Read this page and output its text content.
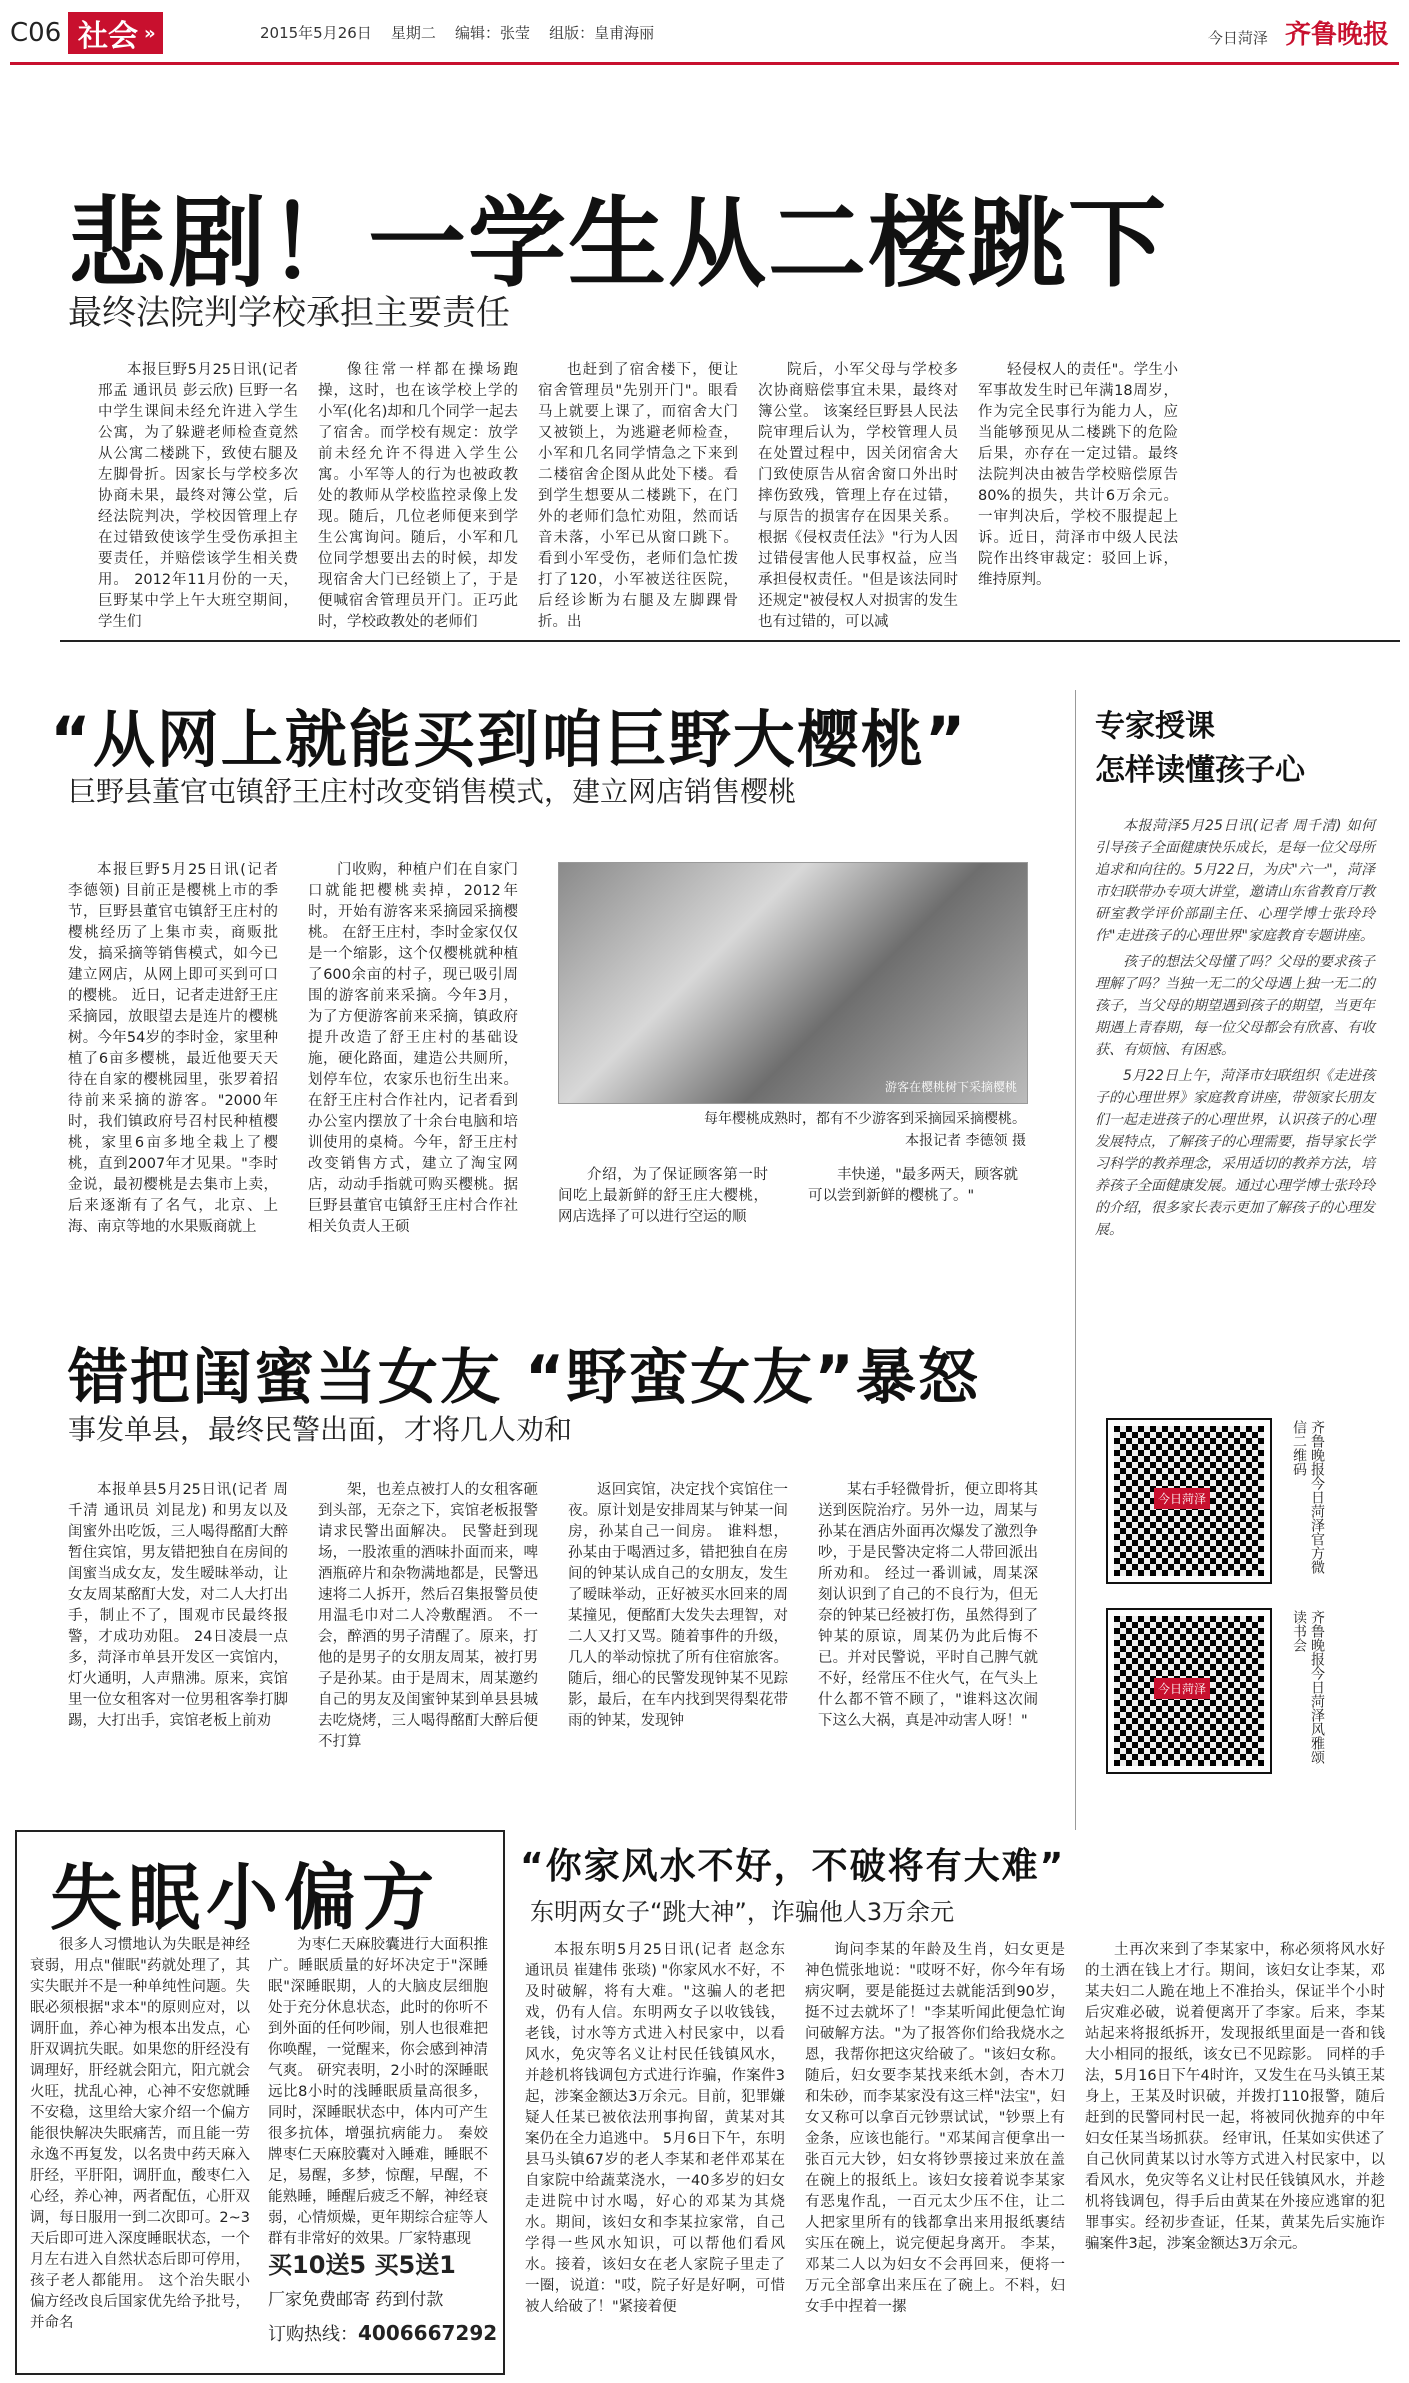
C06 社会 »	2015年5月26日 星期二 编辑：张莹 组版：皇甫海丽	今日菏泽 齐鲁晚报
悲剧！一学生从二楼跳下
最终法院判学校承担主要责任

本报巨野5月25日讯(记者 邢孟 通讯员 彭云欣) 巨野一名中学生课间未经允许进入学生公寓，为了躲避老师检查竟然从公寓二楼跳下，致使右腿及左脚骨折。因家长与学校多次协商未果，最终对簿公堂，后经法院判决，学校因管理上存在过错致使该学生受伤承担主要责任，并赔偿该学生相关费用。 2012年11月份的一天，巨野某中学上午大班空期间，学生们

像往常一样都在操场跑操，这时，也在该学校上学的小军(化名)却和几个同学一起去了宿舍。而学校有规定：放学前未经允许不得进入学生公寓。小军等人的行为也被政教处的教师从学校监控录像上发现。随后，几位老师便来到学生公寓询问。随后，小军和几位同学想要出去的时候，却发现宿舍大门已经锁上了，于是便喊宿舍管理员开门。正巧此时，学校政教处的老师们

也赶到了宿舍楼下，便让宿舍管理员"先别开门"。眼看马上就要上课了，而宿舍大门又被锁上，为逃避老师检查，小军和几名同学情急之下来到二楼宿舍企图从此处下楼。看到学生想要从二楼跳下，在门外的老师们急忙劝阻，然而话音未落，小军已从窗口跳下。 看到小军受伤，老师们急忙拨打了120，小军被送往医院，后经诊断为右腿及左脚踝骨折。出

院后，小军父母与学校多次协商赔偿事宜未果，最终对簿公堂。 该案经巨野县人民法院审理后认为，学校管理人员在处置过程中，因关闭宿舍大门致使原告从宿舍窗口外出时摔伤致残，管理上存在过错，与原告的损害存在因果关系。根据《侵权责任法》"行为人因过错侵害他人民事权益，应当承担侵权责任。"但是该法同时还规定"被侵权人对损害的发生也有过错的，可以减

轻侵权人的责任"。学生小军事故发生时已年满18周岁，作为完全民事行为能力人，应当能够预见从二楼跳下的危险后果，亦存在一定过错。最终法院判决由被告学校赔偿原告80%的损失，共计6万余元。 一审判决后，学校不服提起上诉。近日，菏泽市中级人民法院作出终审裁定：驳回上诉，维持原判。

“从网上就能买到咱巨野大樱桃”
巨野县董官屯镇舒王庄村改变销售模式，建立网店销售樱桃

本报巨野5月25日讯(记者 李德领) 目前正是樱桃上市的季节，巨野县董官屯镇舒王庄村的樱桃经历了上集市卖，商贩批发，搞采摘等销售模式，如今已建立网店，从网上即可买到可口的樱桃。 近日，记者走进舒王庄采摘园，放眼望去是连片的樱桃树。今年54岁的李时金，家里种植了6亩多樱桃，最近他要天天待在自家的樱桃园里，张罗着招待前来采摘的游客。"2000年时，我们镇政府号召村民种植樱桃，家里6亩多地全栽上了樱桃，直到2007年才见果。"李时金说，最初樱桃是去集市上卖，后来逐渐有了名气，北京、上海、南京等地的水果贩商就上

门收购，种植户们在自家门口就能把樱桃卖掉，2012年时，开始有游客来采摘园采摘樱桃。 在舒王庄村，李时金家仅仅是一个缩影，这个仅樱桃就种植了600余亩的村子，现已吸引周围的游客前来采摘。今年3月，为了方便游客前来采摘，镇政府提升改造了舒王庄村的基础设施，硬化路面，建造公共厕所，划停车位，农家乐也衍生出来。 在舒王庄村合作社内，记者看到办公室内摆放了十余台电脑和培训使用的桌椅。今年，舒王庄村改变销售方式，建立了淘宝网店，动动手指就可购买樱桃。据巨野县董官屯镇舒王庄村合作社相关负责人王硕

游客在樱桃树下采摘樱桃
每年樱桃成熟时，都有不少游客到采摘园采摘樱桃。
本报记者 李德领 摄

介绍，为了保证顾客第一时间吃上最新鲜的舒王庄大樱桃，网店选择了可以进行空运的顺

丰快递，"最多两天，顾客就可以尝到新鲜的樱桃了。"

专家授课
怎样读懂孩子心

本报菏泽5月25日讯(记者 周千清) 如何引导孩子全面健康快乐成长，是每一位父母所追求和向往的。5月22日，为庆"六一"，菏泽市妇联带办专项大讲堂，邀请山东省教育厅教研室教学评价部副主任、心理学博士张玲玲作"走进孩子的心理世界"家庭教育专题讲座。

孩子的想法父母懂了吗？父母的要求孩子理解了吗？当独一无二的父母遇上独一无二的孩子，当父母的期望遇到孩子的期望，当更年期遇上青春期，每一位父母都会有欣喜、有收获、有烦恼、有困惑。

5月22日上午，菏泽市妇联组织《走进孩子的心理世界》家庭教育讲座，带领家长朋友们一起走进孩子的心理世界，认识孩子的心理发展特点，了解孩子的心理需要，指导家长学习科学的教养理念，采用适切的教养方法，培养孩子全面健康发展。通过心理学博士张玲玲的介绍，很多家长表示更加了解孩子的心理发展。

今日菏泽	齐鲁晚报今日菏泽官方微信二维码
今日菏泽	齐鲁晚报今日菏泽风雅颂读书会
错把闺蜜当女友 “野蛮女友”暴怒
事发单县，最终民警出面，才将几人劝和

本报单县5月25日讯(记者 周千清 通讯员 刘昆龙) 和男友以及闺蜜外出吃饭，三人喝得酩酊大醉暂住宾馆，男友错把独自在房间的闺蜜当成女友，发生暧昧举动，让女友周某酩酊大发，对二人大打出手，制止不了，围观市民最终报警，才成功劝阻。 24日凌晨一点多，菏泽市单县开发区一宾馆内，灯火通明，人声鼎沸。原来，宾馆里一位女租客对一位男租客拳打脚踢，大打出手，宾馆老板上前劝

架，也差点被打人的女租客砸到头部，无奈之下，宾馆老板报警请求民警出面解决。 民警赶到现场，一股浓重的酒味扑面而来，啤酒瓶碎片和杂物满地都是，民警迅速将二人拆开，然后召集报警员使用温毛巾对二人冷敷醒酒。 不一会，醉酒的男子清醒了。原来，打他的是男子的女朋友周某，被打男子是孙某。由于是周末，周某邀约自己的男友及闺蜜钟某到单县县城去吃烧烤，三人喝得酩酊大醉后便不打算

返回宾馆，决定找个宾馆住一夜。原计划是安排周某与钟某一间房，孙某自己一间房。 谁料想，孙某由于喝酒过多，错把独自在房间的钟某认成自己的女朋友，发生了暧昧举动，正好被买水回来的周某撞见，便酩酊大发失去理智，对二人又打又骂。随着事件的升级，几人的举动惊扰了所有住宿旅客。 随后，细心的民警发现钟某不见踪影，最后，在车内找到哭得梨花带雨的钟某，发现钟

某右手轻微骨折，便立即将其送到医院治疗。另外一边，周某与孙某在酒店外面再次爆发了激烈争吵，于是民警决定将二人带回派出所劝和。 经过一番训诫，周某深刻认识到了自己的不良行为，但无奈的钟某已经被打伤，虽然得到了钟某的原谅，周某仍为此后悔不已。并对民警说，平时自己脾气就不好，经常压不住火气，在气头上什么都不管不顾了，"谁料这次闹下这么大祸，真是冲动害人呀！"

失眠小偏方

很多人习惯地认为失眠是神经衰弱，用点"催眠"药就处理了，其实失眠并不是一种单纯性问题。失眠必须根据"求本"的原则应对，以调肝血，养心神为根本出发点，心肝双调抗失眠。如果您的肝经没有调理好，肝经就会阳亢，阳亢就会火旺，扰乱心神，心神不安您就睡不安稳，这里给大家介绍一个偏方能很快解决失眠痛苦，而且能一劳永逸不再复发，以名贵中药天麻入肝经，平肝阳，调肝血，酸枣仁入心经，养心神，两者配伍，心肝双调，每日服用一到二次即可。2~3天后即可进入深度睡眠状态，一个月左右进入自然状态后即可停用，孩子老人都能用。 这个治失眠小偏方经改良后国家优先给予批号，并命名

为枣仁天麻胶囊进行大面积推广。睡眠质量的好坏决定于"深睡眠"深睡眠期，人的大脑皮层细胞处于充分休息状态，此时的你听不到外面的任何吵闹，别人也很难把你唤醒，一觉醒来，你会感到神清气爽。 研究表明，2小时的深睡眠远比8小时的浅睡眠质量高很多，同时，深睡眠状态中，体内可产生很多抗体，增强抗病能力。 秦姣牌枣仁天麻胶囊对入睡难，睡眠不足，易醒，多梦，惊醒，早醒，不能熟睡，睡醒后疲乏不解，神经衰弱，心情烦燥，更年期综合症等人群有非常好的效果。厂家特惠现

买10送5 买5送1
厂家免费邮寄 药到付款
订购热线：4006667292
“你家风水不好，不破将有大难”
东明两女子“跳大神”，诈骗他人3万余元

本报东明5月25日讯(记者 赵念东 通讯员 崔建伟 张琰) "你家风水不好，不及时破解，将有大难。"这骗人的老把戏，仍有人信。东明两女子以收钱钱，老钱，讨水等方式进入村民家中，以看风水，免灾等名义让村民任钱镇风水，并趁机将钱调包方式进行诈骗，作案件3起，涉案金额达3万余元。目前，犯罪嫌疑人任某已被依法刑事拘留，黄某对其案仍在全力追逃中。 5月6日下午，东明县马头镇67岁的老人李某和老伴邓某在自家院中给蔬菜浇水，一40多岁的妇女走进院中讨水喝，好心的邓某为其烧水。期间，该妇女和李某拉家常，自己学得一些风水知识，可以帮他们看风水。接着，该妇女在老人家院子里走了一圈，说道："哎，院子好是好啊，可惜被人给破了！"紧接着便

询问李某的年龄及生肖，妇女更是神色慌张地说："哎呀不好，你今年有场病灾啊，要是能挺过去就能活到90岁，挺不过去就坏了！"李某听闻此便急忙询问破解方法。"为了报答你们给我烧水之恩，我帮你把这灾给破了。"该妇女称。 随后，妇女要李某找来纸木剑，杏木刀和朱砂，而李某家没有这三样"法宝"，妇女又称可以拿百元钞票试试，"钞票上有金条，应该也能行。"邓某闻言便拿出一张百元大钞，妇女将钞票接过来放在盖在碗上的报纸上。该妇女接着说李某家有恶鬼作乱，一百元太少压不住，让二人把家里所有的钱都拿出来用报纸裹结实压在碗上，说完便起身离开。 李某，邓某二人以为妇女不会再回来，便将一万元全部拿出来压在了碗上。不料，妇女手中捏着一摞

土再次来到了李某家中，称必须将风水好的土洒在钱上才行。期间，该妇女让李某，邓某夫妇二人跪在地上不准抬头，保证半个小时后灾难必破，说着便离开了李家。后来，李某站起来将报纸拆开，发现报纸里面是一沓和钱大小相同的报纸，该女已不见踪影。 同样的手法，5月16日下午4时许，又发生在马头镇王某身上，王某及时识破，并拨打110报警，随后赶到的民警同村民一起，将被同伙抛弃的中年妇女任某当场抓获。 经审讯，任某如实供述了自己伙同黄某以讨水等方式进入村民家中，以看风水，免灾等名义让村民任钱镇风水，并趁机将钱调包，得手后由黄某在外接应逃窜的犯罪事实。经初步查证，任某，黄某先后实施诈骗案件3起，涉案金额达3万余元。
